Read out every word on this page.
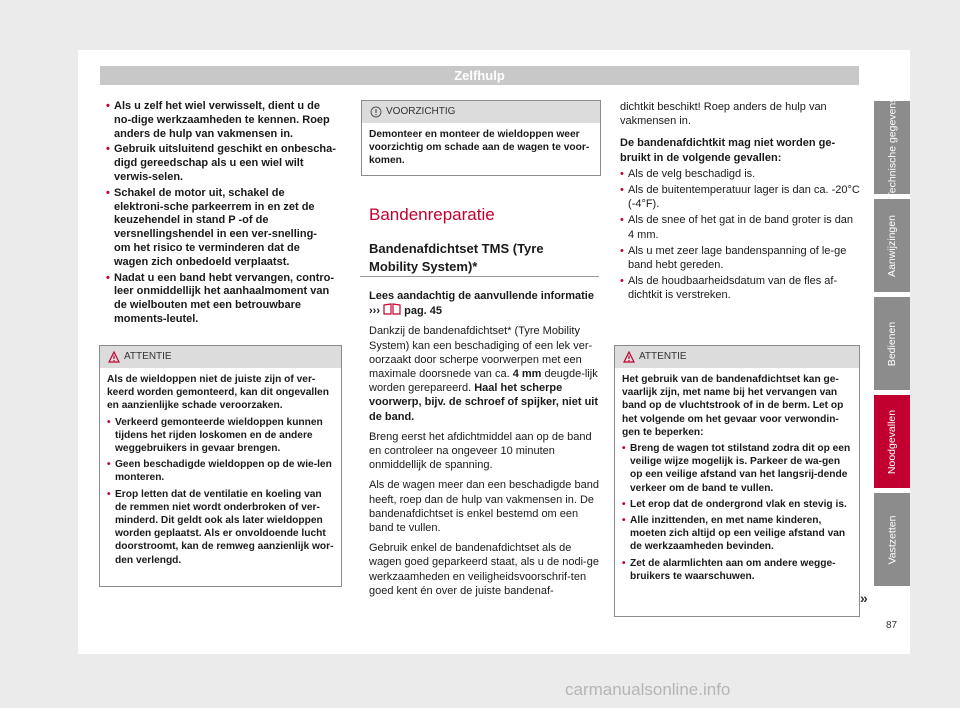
Zelfhulp

• Als u zelf het wiel verwisselt, dient u de no-dige werkzaamheden te kennen. Roep anders de hulp van vakmensen in.

• Gebruik uitsluitend geschikt en onbescha-digd gereedschap als u een wiel wilt verwis-selen.

• Schakel de motor uit, schakel de elektroni-sche parkeerrem in en zet de keuzehendel in stand P -of de versnellingshendel in een ver-snelling- om het risico te verminderen dat de wagen zich onbedoeld verplaatst.

• Nadat u een band hebt vervangen, contro-leer onmiddellijk het aanhaalmoment van de wielbouten met een betrouwbare moments-leutel.

ATTENTIE

Als de wieldoppen niet de juiste zijn of ver-keerd worden gemonteerd, kan dit ongevallen en aanzienlijke schade veroorzaken.

• Verkeerd gemonteerde wieldoppen kunnen tijdens het rijden loskomen en de andere weggebruikers in gevaar brengen.

• Geen beschadigde wieldoppen op de wie-len monteren.

• Erop letten dat de ventilatie en koeling van de remmen niet wordt onderbroken of ver-minderd. Dit geldt ook als later wieldoppen worden geplaatst. Als er onvoldoende lucht doorstroomt, kan de remweg aanzienlijk wor-den verlengd.

VOORZICHTIG

Demonteer en monteer de wieldoppen weer voorzichtig om schade aan de wagen te voor-komen.

Bandenreparatie
Bandenafdichtset TMS (Tyre Mobility System)*

Lees aandachtig de aanvullende informatie
››› pag. 45

Dankzij de bandenafdichtset* (Tyre Mobility System) kan een beschadiging of een lek ver-oorzaakt door scherpe voorwerpen met een maximale doorsnede van ca. 4 mm deugde-lijk worden gerepareerd. Haal het scherpe voorwerp, bijv. de schroef of spijker, niet uit de band.

Breng eerst het afdichtmiddel aan op de band en controleer na ongeveer 10 minuten onmiddellijk de spanning.

Als de wagen meer dan een beschadigde band heeft, roep dan de hulp van vakmensen in. De bandenafdichtset is enkel bestemd om een band te vullen.

Gebruik enkel de bandenafdichtset als de wagen goed geparkeerd staat, als u de nodi-ge werkzaamheden en veiligheidsvoorschrif-ten goed kent én over de juiste bandenaf-

dichtkit beschikt! Roep anders de hulp van vakmensen in.

De bandenafdichtkit mag niet worden ge-bruikt in de volgende gevallen:

• Als de velg beschadigd is.

• Als de buitentemperatuur lager is dan ca. -20°C (-4°F).

• Als de snee of het gat in de band groter is dan 4 mm.

• Als u met zeer lage bandenspanning of le-ge band hebt gereden.

• Als de houdbaarheidsdatum van de fles af-dichtkit is verstreken.

ATTENTIE

Het gebruik van de bandenafdichtset kan ge-vaarlijk zijn, met name bij het vervangen van band op de vluchtstrook of in de berm. Let op het volgende om het gevaar voor verwondin-gen te beperken:

• Breng de wagen tot stilstand zodra dit op een veilige wijze mogelijk is. Parkeer de wa-gen op een veilige afstand van het langsrij-dende verkeer om de band te vullen.

• Let erop dat de ondergrond vlak en stevig is.

• Alle inzittenden, en met name kinderen, moeten zich altijd op een veilige afstand van de werkzaamheden bevinden.

• Zet de alarmlichten aan om andere wegge-bruikers te waarschuwen.

»
Technische gegevens
Aanwijzingen
Bedienen
Noodgevallen
Vastzetten
87
carmanualsonline.info
